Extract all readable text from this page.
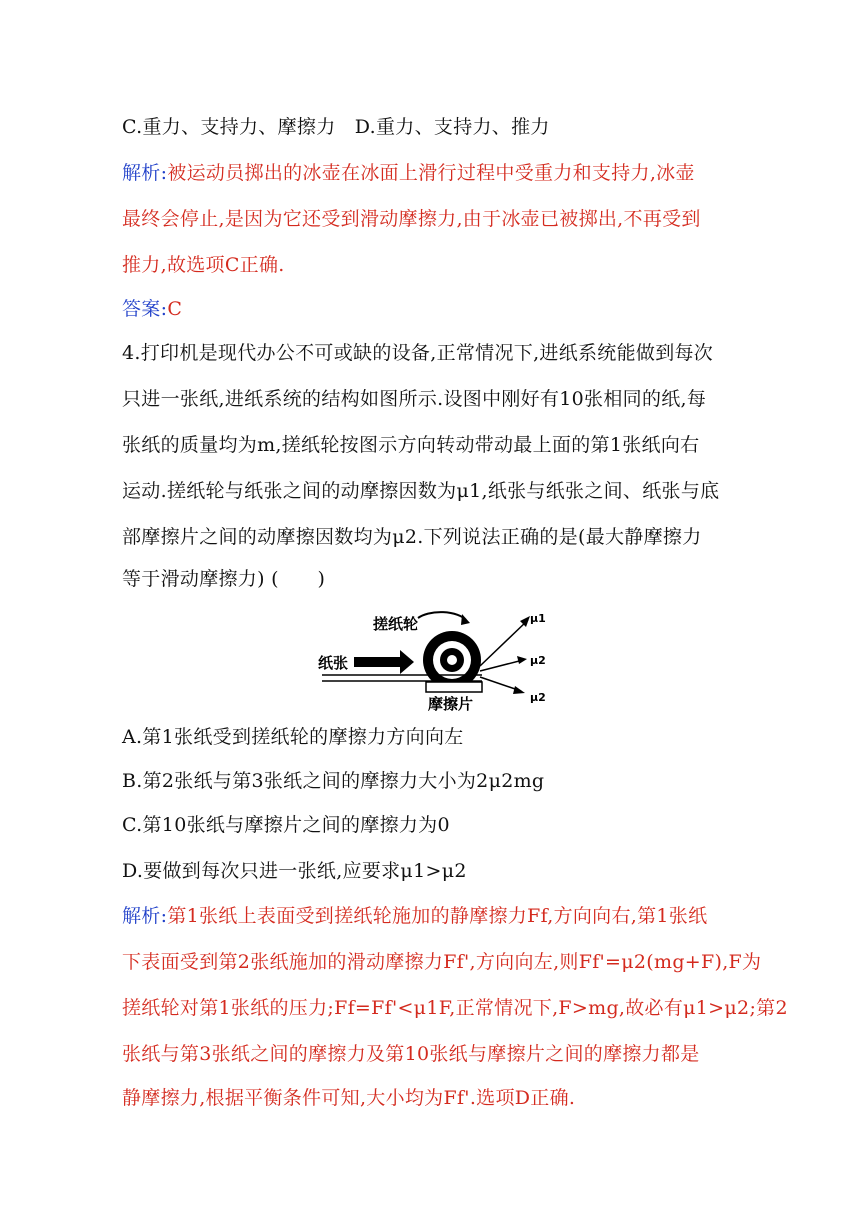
C.重力、支持力、摩擦力　D.重力、支持力、推力
解析:被运动员掷出的冰壶在冰面上滑行过程中受重力和支持力,冰壶
最终会停止,是因为它还受到滑动摩擦力,由于冰壶已被掷出,不再受到
推力,故选项C正确.
答案:C
4.打印机是现代办公不可或缺的设备,正常情况下,进纸系统能做到每次
只进一张纸,进纸系统的结构如图所示.设图中刚好有10张相同的纸,每
张纸的质量均为m,搓纸轮按图示方向转动带动最上面的第1张纸向右
运动.搓纸轮与纸张之间的动摩擦因数为μ1,纸张与纸张之间、纸张与底
部摩擦片之间的动摩擦因数均为μ2.下列说法正确的是(最大静摩擦力
等于滑动摩擦力) (　　)
搓纸轮
纸张
摩擦片
μ1
μ2
μ2
A.第1张纸受到搓纸轮的摩擦力方向向左
B.第2张纸与第3张纸之间的摩擦力大小为2μ2mg
C.第10张纸与摩擦片之间的摩擦力为0
D.要做到每次只进一张纸,应要求μ1>μ2
解析:第1张纸上表面受到搓纸轮施加的静摩擦力Ff,方向向右,第1张纸
下表面受到第2张纸施加的滑动摩擦力Ff',方向向左,则Ff'=μ2(mg+F),F为
搓纸轮对第1张纸的压力;Ff=Ff'<μ1F,正常情况下,F>mg,故必有μ1>μ2;第2
张纸与第3张纸之间的摩擦力及第10张纸与摩擦片之间的摩擦力都是
静摩擦力,根据平衡条件可知,大小均为Ff'.选项D正确.
